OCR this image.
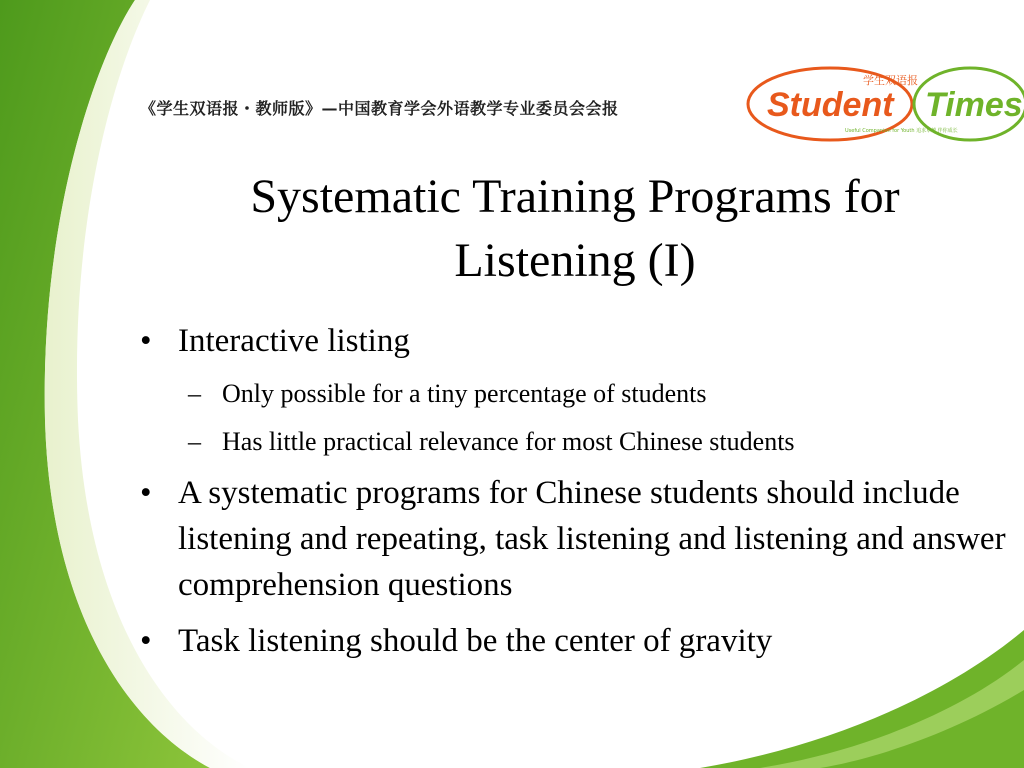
《学生双语报・教师版》—中国教育学会外语教学专业委员会会报
学生双语报
Student Times
Useful Companion for Youth 追求卓越 伴你成长
Systematic Training Programs for
Listening (I)
• Interactive listing
– Only possible for a tiny percentage of students
– Has little practical relevance for most Chinese students
• A systematic programs for Chinese students should include listening and repeating, task listening and listening and answer comprehension questions
• Task listening should be the center of gravity
